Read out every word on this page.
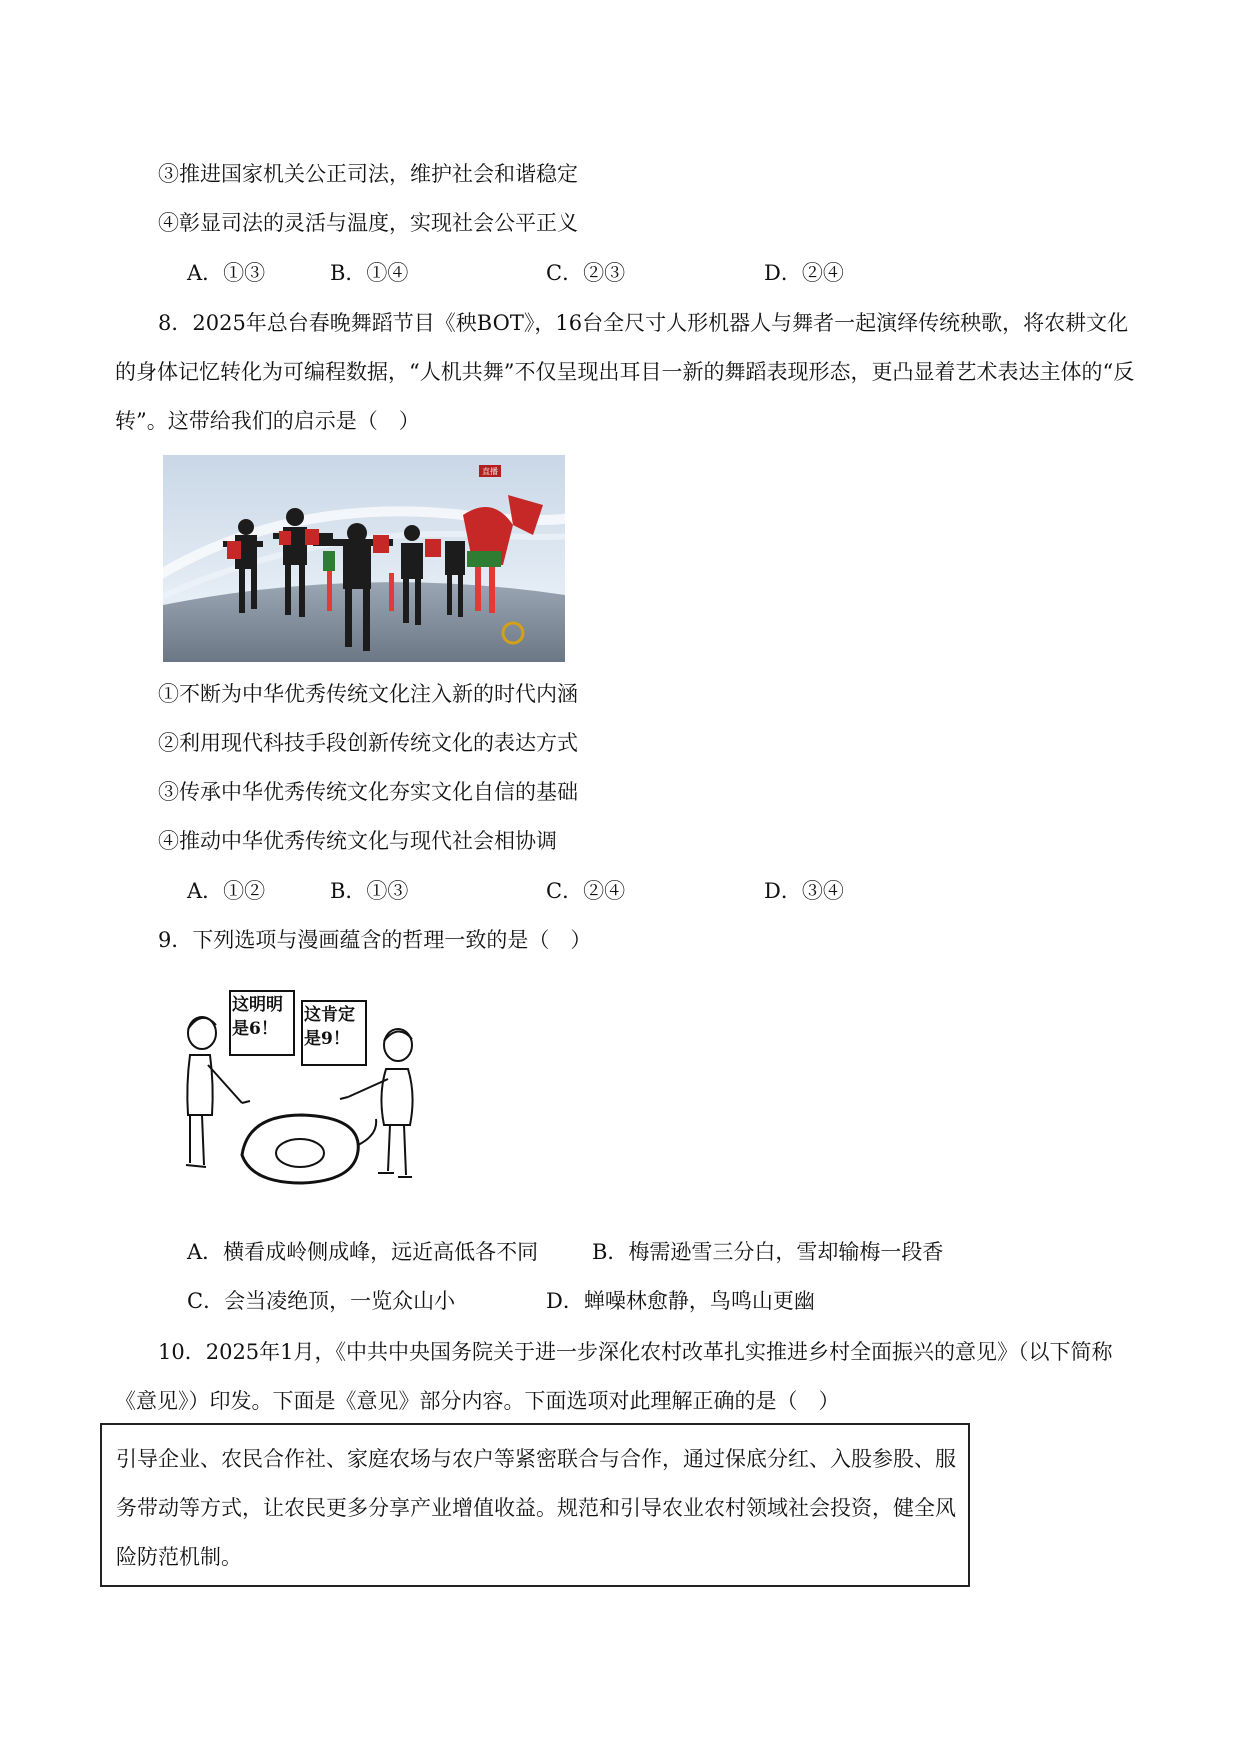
③推进国家机关公正司法，维护社会和谐稳定
④彰显司法的灵活与温度，实现社会公平正义
A．①③	B．①④	C．②③	D．②④
8．2025年总台春晚舞蹈节目《秧BOT》，16台全尺寸人形机器人与舞者一起演绎传统秧歌，将农耕文化的身体记忆转化为可编程数据，“人机共舞”不仅呈现出耳目一新的舞蹈表现形态，更凸显着艺术表达主体的“反转”。这带给我们的启示是（　）
直播
①不断为中华优秀传统文化注入新的时代内涵
②利用现代科技手段创新传统文化的表达方式
③传承中华优秀传统文化夯实文化自信的基础
④推动中华优秀传统文化与现代社会相协调
A．①②	B．①③	C．②④	D．③④
9．下列选项与漫画蕴含的哲理一致的是（　）
这明明是6！
这肯定是9！
A．横看成岭侧成峰，远近高低各不同	B．梅需逊雪三分白，雪却输梅一段香
C．会当凌绝顶，一览众山小	D．蝉噪林愈静，鸟鸣山更幽
10．2025年1月，《中共中央国务院关于进一步深化农村改革扎实推进乡村全面振兴的意见》（以下简称《意见》）印发。下面是《意见》部分内容。下面选项对此理解正确的是（　）

引导企业、农民合作社、家庭农场与农户等紧密联合与合作，通过保底分红、入股参股、服务带动等方式，让农民更多分享产业增值收益。规范和引导农业农村领域社会投资，健全风险防范机制。
